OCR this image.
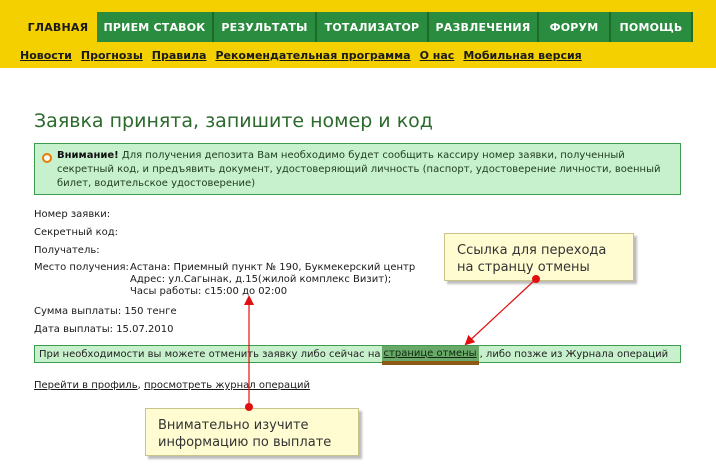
ГЛАВНАЯ	ПРИЕМ СТАВОК	РЕЗУЛЬТАТЫ	ТОТАЛИЗАТОР	РАЗВЛЕЧЕНИЯ	ФОРУМ	ПОМОЩЬ
Новости Прогнозы Правила Рекомендательная программа О нас Мобильная версия
Заявка принята, запишите номер и код

Внимание! Для получения депозита Вам необходимо будет сообщить кассиру номер заявки, полученный секретный код, и предъявить документ, удостоверяющий личность (паспорт, удостоверение личности, военный билет, водительское удостоверение)

Номер заявки:
Секретный код:
Получатель:
Место получения: Астана: Приемный пункт № 190, Букмекерский центр
Адрес: ул.Сагынак, д.15(жилой комплекс Визит);
Часы работы: с15:00 до 02:00
Сумма выплаты: 150 тенге
Дата выплаты: 15.07.2010
При необходимости вы можете отменить заявку либо сейчас на странице отмены , либо позже из Журнала операций
Перейти в профиль, просмотреть журнал операций
Ссылка для перехода на странцу отмены
Внимательно изучите информацию по выплате
